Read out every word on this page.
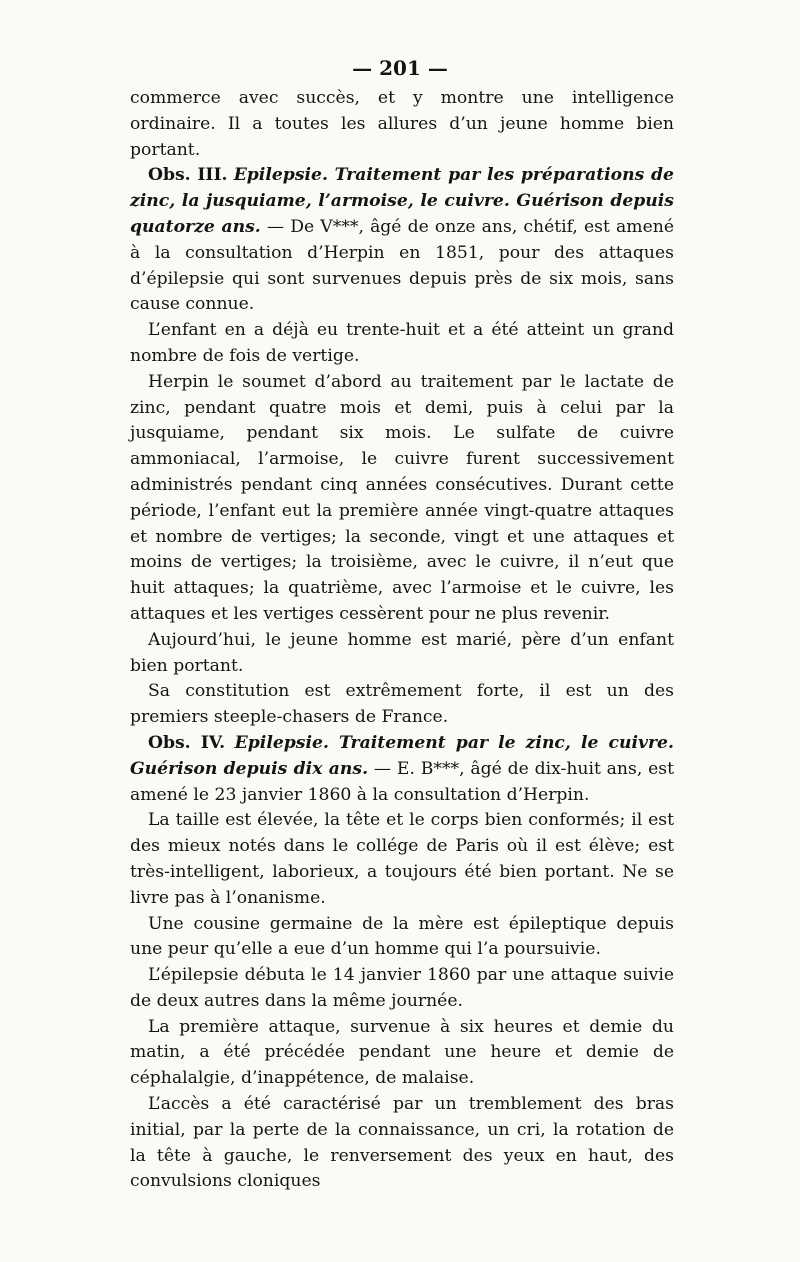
— 201 —

commerce avec succès, et y montre une intelligence ordinaire. Il a toutes les allures d’un jeune homme bien portant.

Obs. III. Epilepsie. Traitement par les préparations de zinc, la jusquiame, l’armoise, le cuivre. Guérison depuis quatorze ans. — De V***, âgé de onze ans, chétif, est amené à la consultation d’Herpin en 1851, pour des attaques d’épilepsie qui sont survenues depuis près de six mois, sans cause connue.

L’enfant en a déjà eu trente-huit et a été atteint un grand nombre de fois de vertige.

Herpin le soumet d’abord au traitement par le lactate de zinc, pendant quatre mois et demi, puis à celui par la jusquiame, pendant six mois. Le sulfate de cuivre ammoniacal, l’armoise, le cuivre furent successivement administrés pendant cinq années consécutives. Durant cette période, l’enfant eut la première année vingt-quatre attaques et nombre de vertiges; la seconde, vingt et une attaques et moins de vertiges; la troisième, avec le cuivre, il n’eut que huit attaques; la quatrième, avec l’armoise et le cuivre, les attaques et les vertiges cessèrent pour ne plus revenir.

Aujourd’hui, le jeune homme est marié, père d’un enfant bien portant.

Sa constitution est extrêmement forte, il est un des premiers steeple-chasers de France.

Obs. IV. Epilepsie. Traitement par le zinc, le cuivre. Guérison depuis dix ans. — E. B***, âgé de dix-huit ans, est amené le 23 janvier 1860 à la consultation d’Herpin.

La taille est élevée, la tête et le corps bien conformés; il est des mieux notés dans le collége de Paris où il est élève; est très-intelligent, laborieux, a toujours été bien portant. Ne se livre pas à l’onanisme.

Une cousine germaine de la mère est épileptique depuis une peur qu’elle a eue d’un homme qui l’a poursuivie.

L’épilepsie débuta le 14 janvier 1860 par une attaque suivie de deux autres dans la même journée.

La première attaque, survenue à six heures et demie du matin, a été précédée pendant une heure et demie de céphalalgie, d’inappétence, de malaise.

L’accès a été caractérisé par un tremblement des bras initial, par la perte de la connaissance, un cri, la rotation de la tête à gauche, le renversement des yeux en haut, des convulsions cloniques
